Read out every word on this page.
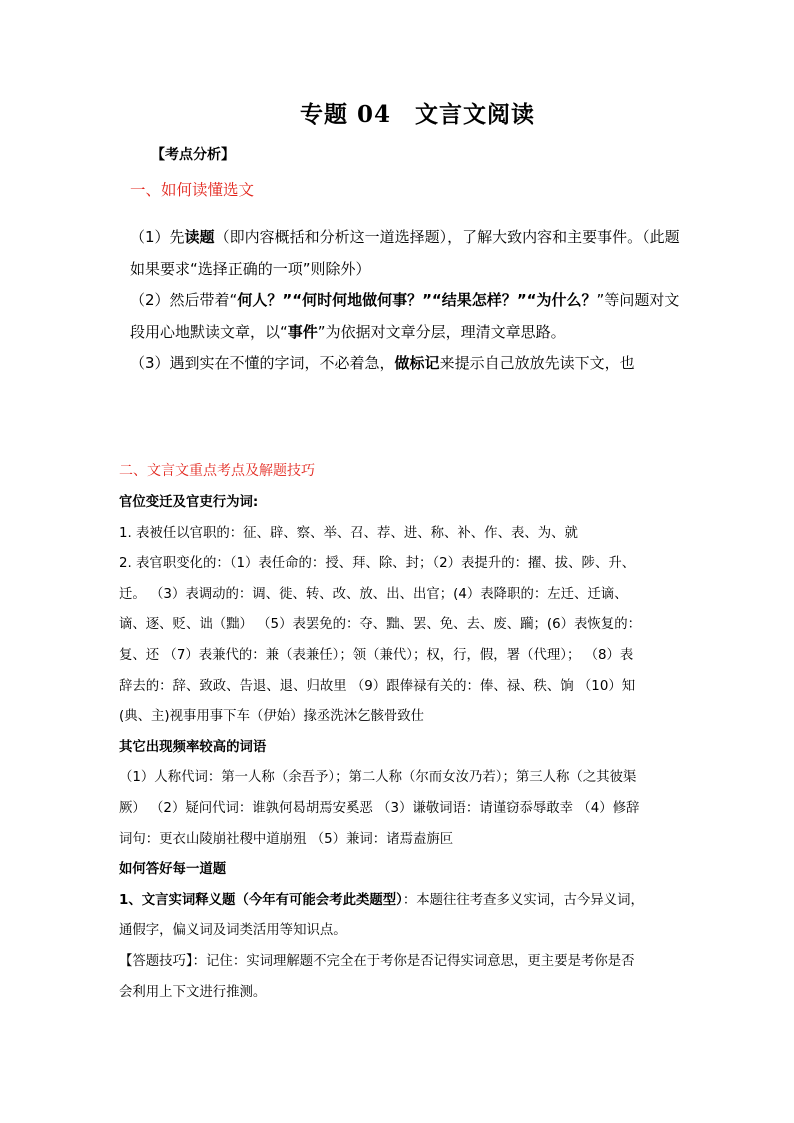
专题 04　文言文阅读
【考点分析】
一、如何读懂选文

（1）先读题（即内容概括和分析这一道选择题），了解大致内容和主要事件。（此题如果要求“选择正确的一项”则除外）

（2）然后带着“何人？”“何时何地做何事？”“结果怎样？”“为什么？”等问题对文段用心地默读文章，以“事件”为依据对文章分层，理清文章思路。

（3）遇到实在不懂的字词，不必着急，做标记来提示自己放放先读下文，也

二、文言文重点考点及解题技巧
官位变迁及官吏行为词:
1. 表被任以官职的：征、辟、察、举、召、荐、进、称、补、作、表、为、就
2. 表官职变化的：（1）表任命的：授、拜、除、封；（2）表提升的：擢、拔、陟、升、
迁。 （3）表调动的：调、徙、转、改、放、出、出官；(4）表降职的：左迁、迁谪、
谪、逐、贬、诎（黜） （5）表罢免的：夺、黜、罢、免、去、废、躏；(6）表恢复的：
复、还 （7）表兼代的：兼（表兼任）；领（兼代）；权，行，假，署（代理）； （8）表
辞去的：辞、致政、告退、退、归故里 （9）跟俸禄有关的：俸、禄、秩、饷 （10）知
(典、主)视事用事下车（伊始）掾丞洗沐乞骸骨致仕
其它出现频率较高的词语
（1）人称代词：第一人称（余吾予）；第二人称（尔而女汝乃若）；第三人称（之其彼渠
厥） （2）疑问代词：谁孰何曷胡焉安奚恶 （3）谦敬词语：请谨窃忝辱敢幸 （4）修辞
词句：更衣山陵崩社稷中道崩殂 （5）兼词：诸焉盍旃叵
如何答好每一道题
1、文言实词释义题（今年有可能会考此类题型）：本题往往考查多义实词，古今异义词，
通假字，偏义词及词类活用等知识点。
【答题技巧】：记住：实词理解题不完全在于考你是否记得实词意思，更主要是考你是否
会利用上下文进行推测。
